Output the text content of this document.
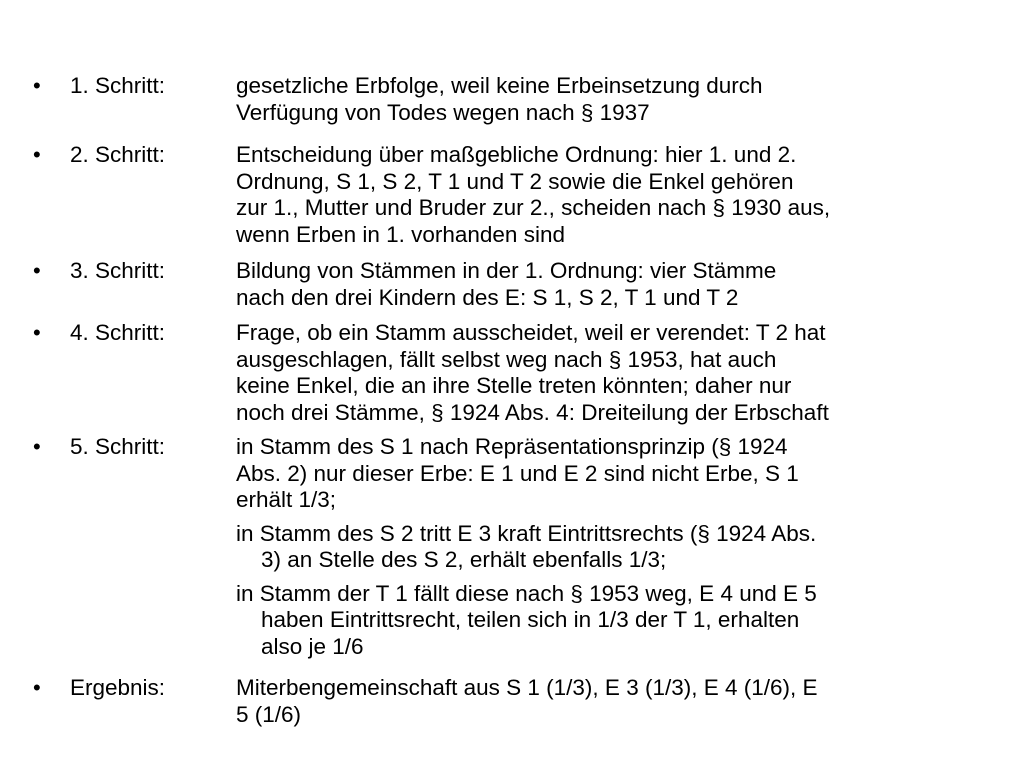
• 1. Schritt:	gesetzliche Erbfolge, weil keine Erbeinsetzung durch
Verfügung von Todes wegen nach § 1937
• 2. Schritt:	Entscheidung über maßgebliche Ordnung: hier 1. und 2.
Ordnung, S 1, S 2, T 1 und T 2 sowie die Enkel gehören
zur 1., Mutter und Bruder zur 2., scheiden nach § 1930 aus,
wenn Erben in 1. vorhanden sind
• 3. Schritt:	Bildung von Stämmen in der 1. Ordnung: vier Stämme
nach den drei Kindern des E: S 1, S 2, T 1 und T 2
• 4. Schritt:	Frage, ob ein Stamm ausscheidet, weil er verendet: T 2 hat
ausgeschlagen, fällt selbst weg nach § 1953, hat auch
keine Enkel, die an ihre Stelle treten könnten; daher nur
noch drei Stämme, § 1924 Abs. 4: Dreiteilung der Erbschaft
• 5. Schritt:	in Stamm des S 1 nach Repräsentationsprinzip (§ 1924
Abs. 2) nur dieser Erbe: E 1 und E 2 sind nicht Erbe, S 1
erhält 1/3;
in Stamm des S 2 tritt E 3 kraft Eintrittsrechts (§ 1924 Abs.
3) an Stelle des S 2, erhält ebenfalls 1/3;
in Stamm der T 1 fällt diese nach § 1953 weg, E 4 und E 5
haben Eintrittsrecht, teilen sich in 1/3 der T 1, erhalten
also je 1/6
• Ergebnis:	Miterbengemeinschaft aus S 1 (1/3), E 3 (1/3), E 4 (1/6), E
5 (1/6)
